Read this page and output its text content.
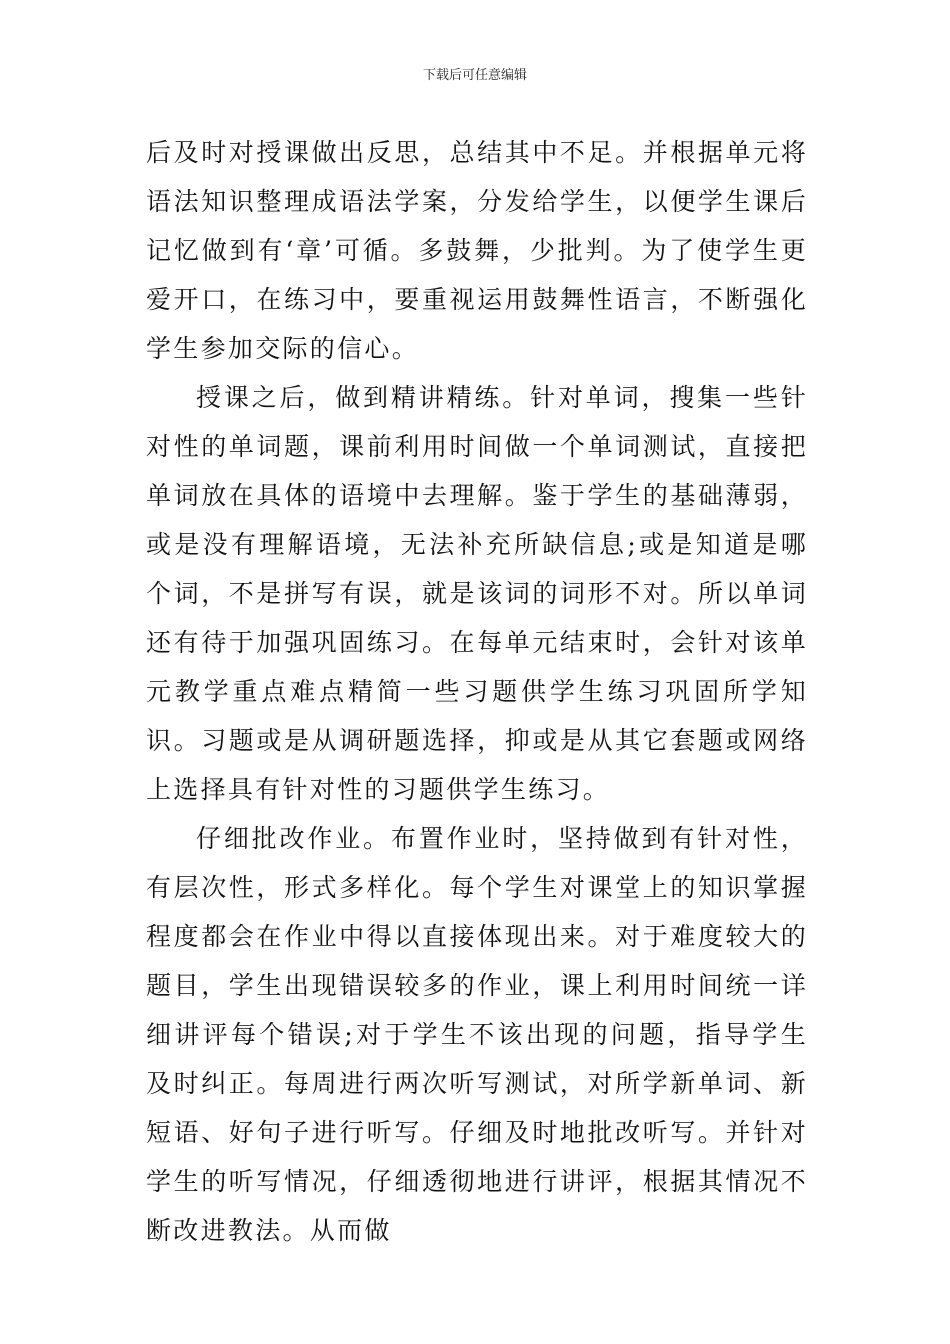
下载后可任意编辑

后及时对授课做出反思，总结其中不足。并根据单元将语法知识整理成语法学案，分发给学生，以便学生课后记忆做到有‘章’可循。多鼓舞，少批判。为了使学生更爱开口，在练习中，要重视运用鼓舞性语言，不断强化学生参加交际的信心。

授课之后，做到精讲精练。针对单词，搜集一些针对性的单词题，课前利用时间做一个单词测试，直接把单词放在具体的语境中去理解。鉴于学生的基础薄弱，或是没有理解语境，无法补充所缺信息;或是知道是哪个词，不是拼写有误，就是该词的词形不对。所以单词还有待于加强巩固练习。在每单元结束时，会针对该单元教学重点难点精简一些习题供学生练习巩固所学知识。习题或是从调研题选择，抑或是从其它套题或网络上选择具有针对性的习题供学生练习。

仔细批改作业。布置作业时，坚持做到有针对性，有层次性，形式多样化。每个学生对课堂上的知识掌握程度都会在作业中得以直接体现出来。对于难度较大的题目，学生出现错误较多的作业，课上利用时间统一详细讲评每个错误;对于学生不该出现的问题，指导学生及时纠正。每周进行两次听写测试，对所学新单词、新短语、好句子进行听写。仔细及时地批改听写。并针对学生的听写情况，仔细透彻地进行讲评，根据其情况不断改进教法。从而做
